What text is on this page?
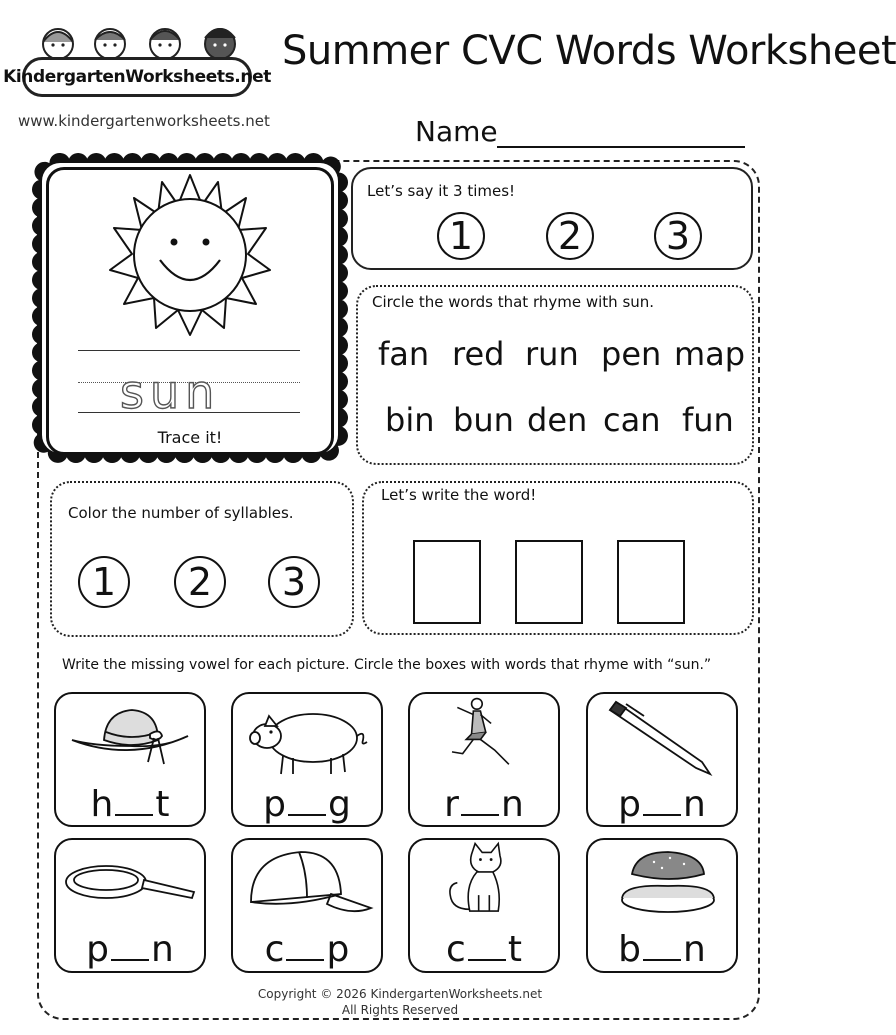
KindergartenWorksheets.net
www.kindergartenworksheets.net
Summer CVC Words Worksheet
Name
sun
Trace it!
Let’s say it 3 times!
1	2	3
Circle the words that rhyme with sun.
fan red run pen map
bin bun den can fun
Color the number of syllables.
1	2	3
Let’s write the word!
Write the missing vowel for each picture. Circle the boxes with words that rhyme with “sun.”
h t	p g	r n	p n
p n	c p	c t	b n
Copyright © 2026 KindergartenWorksheets.net
All Rights Reserved
